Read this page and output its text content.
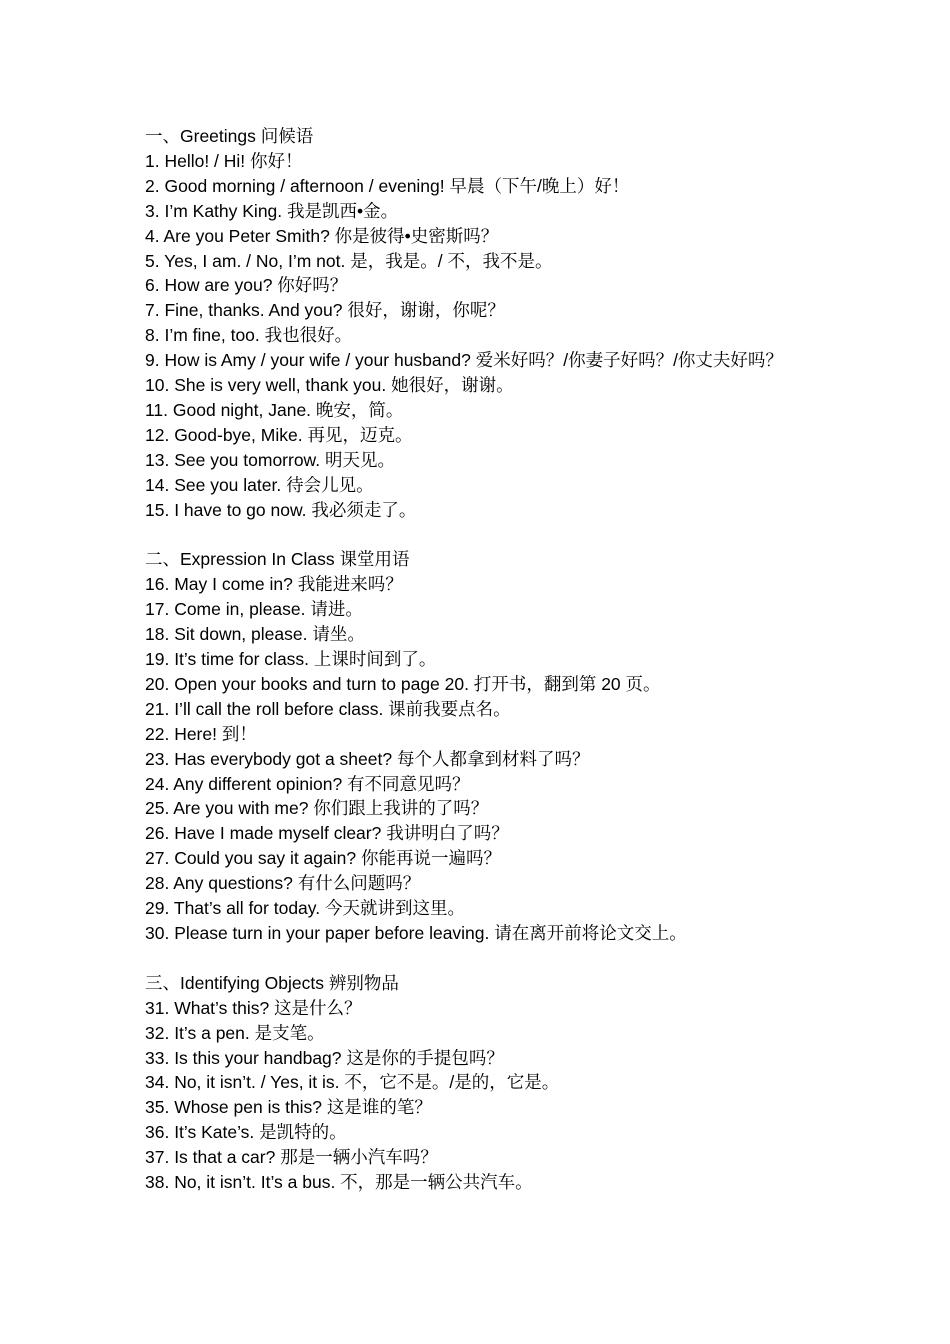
一、Greetings 问候语
1. Hello! / Hi! 你好！
2. Good morning / afternoon / evening! 早晨（下午/晚上）好！
3. I’m Kathy King. 我是凯西•金。
4. Are you Peter Smith? 你是彼得•史密斯吗？
5. Yes, I am. / No, I’m not. 是，我是。/ 不，我不是。
6. How are you? 你好吗？
7. Fine, thanks. And you? 很好，谢谢，你呢？
8. I’m fine, too. 我也很好。
9. How is Amy / your wife / your husband? 爱米好吗？/你妻子好吗？/你丈夫好吗？
10. She is very well, thank you. 她很好，谢谢。
11. Good night, Jane. 晚安，简。
12. Good-bye, Mike. 再见，迈克。
13. See you tomorrow. 明天见。
14. See you later. 待会儿见。
15. I have to go now. 我必须走了。
二、Expression In Class 课堂用语
16. May I come in? 我能进来吗？
17. Come in, please. 请进。
18. Sit down, please. 请坐。
19. It’s time for class. 上课时间到了。
20. Open your books and turn to page 20. 打开书，翻到第 20 页。
21. I’ll call the roll before class. 课前我要点名。
22. Here! 到！
23. Has everybody got a sheet? 每个人都拿到材料了吗？
24. Any different opinion? 有不同意见吗？
25. Are you with me? 你们跟上我讲的了吗？
26. Have I made myself clear? 我讲明白了吗？
27. Could you say it again? 你能再说一遍吗？
28. Any questions? 有什么问题吗？
29. That’s all for today. 今天就讲到这里。
30. Please turn in your paper before leaving. 请在离开前将论文交上。
三、Identifying Objects 辨别物品
31. What’s this? 这是什么？
32. It’s a pen. 是支笔。
33. Is this your handbag? 这是你的手提包吗？
34. No, it isn’t. / Yes, it is. 不，它不是。/是的，它是。
35. Whose pen is this? 这是谁的笔？
36. It’s Kate’s. 是凯特的。
37. Is that a car? 那是一辆小汽车吗？
38. No, it isn’t. It’s a bus. 不，那是一辆公共汽车。
